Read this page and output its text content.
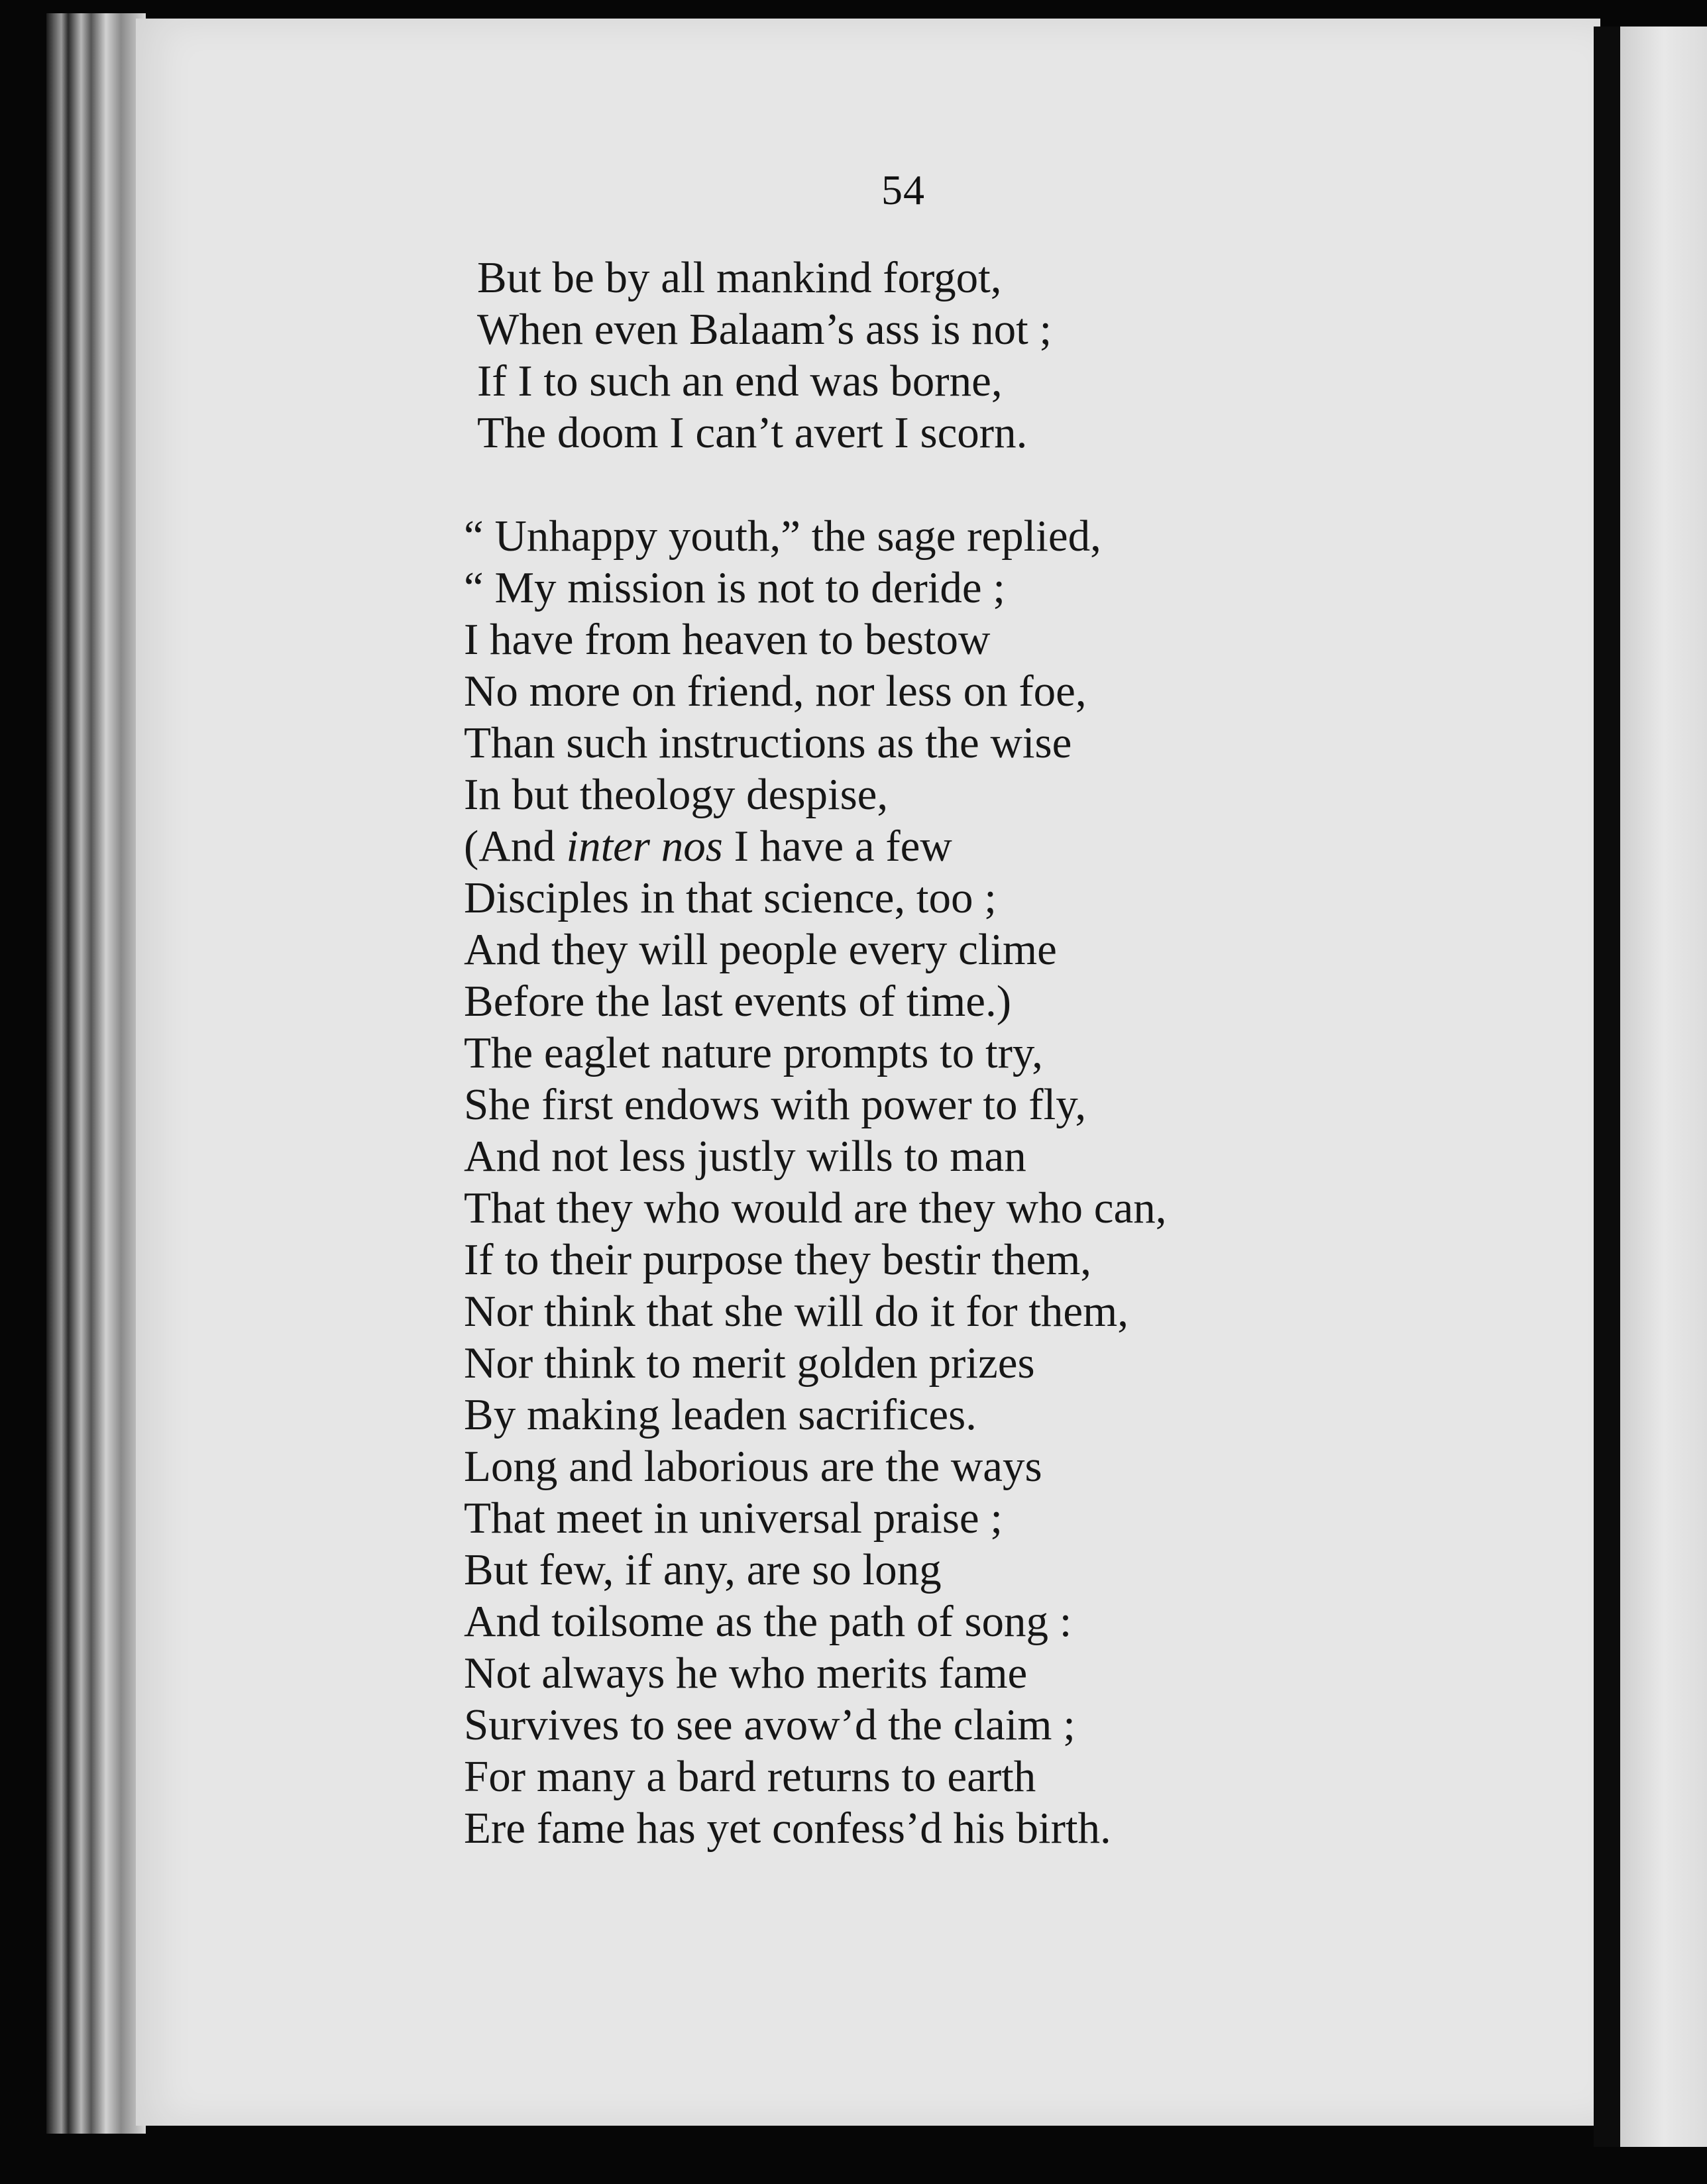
54
But be by all mankind forgot,
When even Balaam’s ass is not ;
If I to such an end was borne,
The doom I can’t avert I scorn.
“ Unhappy youth,” the sage replied,
“ My mission is not to deride ;
I have from heaven to bestow
No more on friend, nor less on foe,
Than such instructions as the wise
In but theology despise,
(And inter nos I have a few
Disciples in that science, too ;
And they will people every clime
Before the last events of time.)
The eaglet nature prompts to try,
She first endows with power to fly,
And not less justly wills to man
That they who would are they who can,
If to their purpose they bestir them,
Nor think that she will do it for them,
Nor think to merit golden prizes
By making leaden sacrifices.
Long and laborious are the ways
That meet in universal praise ;
But few, if any, are so long
And toilsome as the path of song :
Not always he who merits fame
Survives to see avow’d the claim ;
For many a bard returns to earth
Ere fame has yet confess’d his birth.
